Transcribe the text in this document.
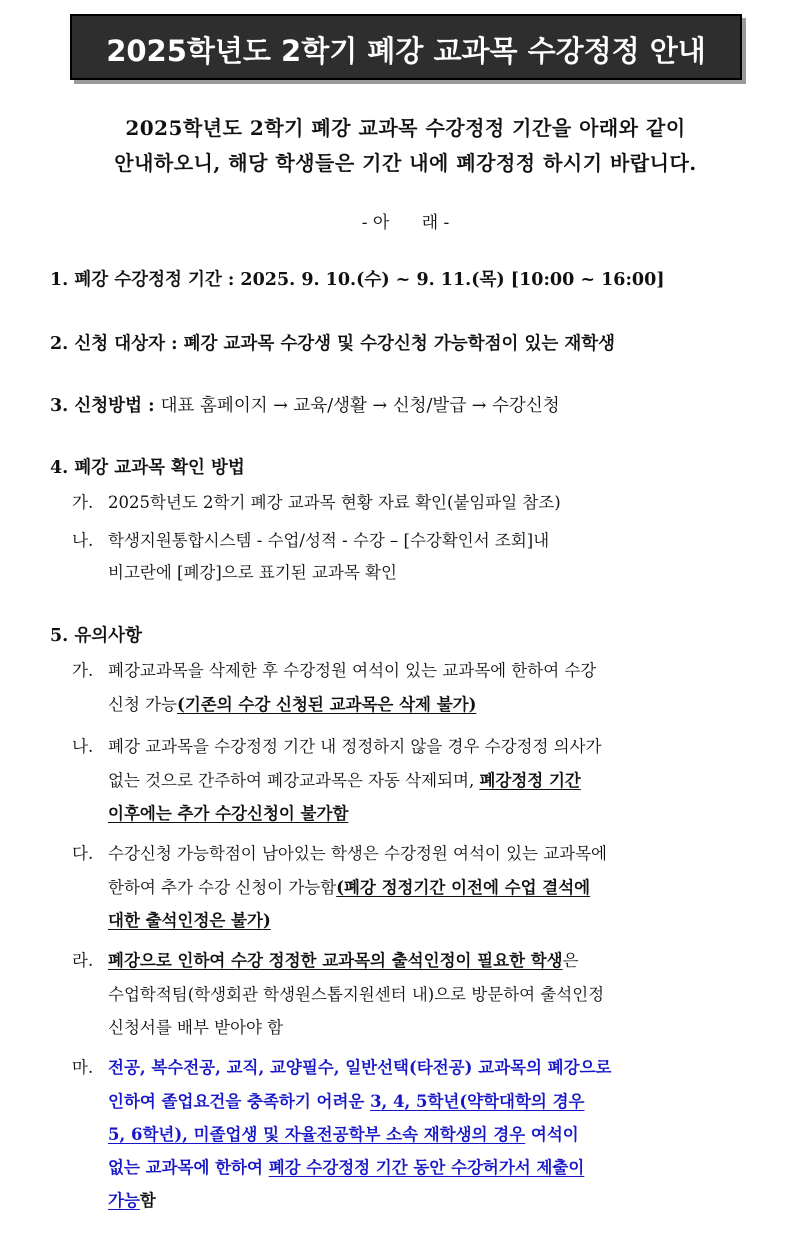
2025학년도 2학기 폐강 교과목 수강정정 안내
2025학년도 2학기 폐강 교과목 수강정정 기간을 아래와 같이
안내하오니, 해당 학생들은 기간 내에 폐강정정 하시기 바랍니다.
- 아      래 -
1. 폐강 수강정정 기간 : 2025. 9. 10.(수) ~ 9. 11.(목) [10:00 ~ 16:00]
2. 신청 대상자 : 폐강 교과목 수강생 및 수강신청 가능학점이 있는 재학생
3. 신청방법 : 대표 홈페이지 → 교육/생활 → 신청/발급 → 수강신청
4. 폐강 교과목 확인 방법
가. 2025학년도 2학기 폐강 교과목 현황 자료 확인(붙임파일 참조)
나. 학생지원통합시스템 - 수업/성적 - 수강 – [수강확인서 조회]내
비고란에 [폐강]으로 표기된 교과목 확인
5. 유의사항
가. 폐강교과목을 삭제한 후 수강정원 여석이 있는 교과목에 한하여 수강
신청 가능(기존의 수강 신청된 교과목은 삭제 불가)
나. 폐강 교과목을 수강정정 기간 내 정정하지 않을 경우 수강정정 의사가
없는 것으로 간주하여 폐강교과목은 자동 삭제되며, 폐강정정 기간
이후에는 추가 수강신청이 불가함
다. 수강신청 가능학점이 남아있는 학생은 수강정원 여석이 있는 교과목에
한하여 추가 수강 신청이 가능함(폐강 정정기간 이전에 수업 결석에
대한 출석인정은 불가)
라. 폐강으로 인하여 수강 정정한 교과목의 출석인정이 필요한 학생은
수업학적팀(학생회관 학생원스톱지원센터 내)으로 방문하여 출석인정
신청서를 배부 받아야 함
마. 전공, 복수전공, 교직, 교양필수, 일반선택(타전공) 교과목의 폐강으로
인하여 졸업요건을 충족하기 어려운 3, 4, 5학년(약학대학의 경우
5, 6학년), 미졸업생 및 자율전공학부 소속 재학생의 경우 여석이
없는 교과목에 한하여 폐강 수강정정 기간 동안 수강허가서 제출이
가능함
